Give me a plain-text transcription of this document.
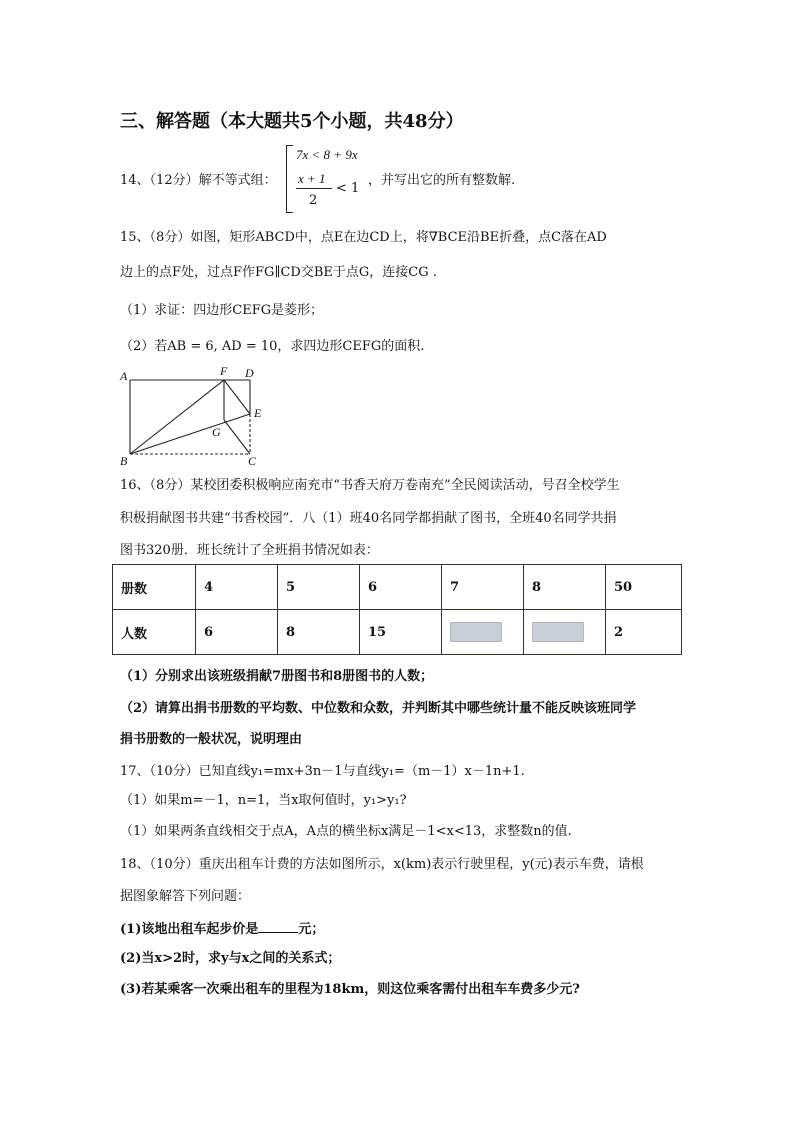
三、解答题（本大题共5个小题，共48分）
14、（12分）解不等式组：
7x < 8 + 9x
x + 1
2
< 1
，并写出它的所有整数解.
15、（8分）如图，矩形ABCD中，点E在边CD上，将∇BCE沿BE折叠，点C落在AD
边上的点F处，过点F作FG∥CD交BE于点G，连接CG .
（1）求证：四边形CEFG是菱形；
（2）若AB = 6, AD = 10，求四边形CEFG的面积.
A	F D
E
G
B	C
16、（8分）某校团委积极响应南充市“书香天府万卷南充”全民阅读活动，号召全校学生
积极捐献图书共建“书香校园”．八（1）班40名同学都捐献了图书，全班40名同学共捐
图书320册．班长统计了全班捐书情况如表：
册数	4	5	6	7	8	50
人数	6	8	15			2
（1）分别求出该班级捐献7册图书和8册图书的人数；
（2）请算出捐书册数的平均数、中位数和众数，并判断其中哪些统计量不能反映该班同学
捐书册数的一般状况，说明理由
17、（10分）已知直线y₁=mx+3n－1与直线y₁=（m－1）x－1n+1.
（1）如果m=－1，n=1，当x取何值时，y₁>y₁?
（1）如果两条直线相交于点A，A点的横坐标x满足－1<x<13，求整数n的值.
18、（10分）重庆出租车计费的方法如图所示，x(km)表示行驶里程，y(元)表示车费，请根
据图象解答下列问题：
(1)该地出租车起步价是	元；
(2)当x>2时，求y与x之间的关系式；
(3)若某乘客一次乘出租车的里程为18km，则这位乘客需付出租车车费多少元?
